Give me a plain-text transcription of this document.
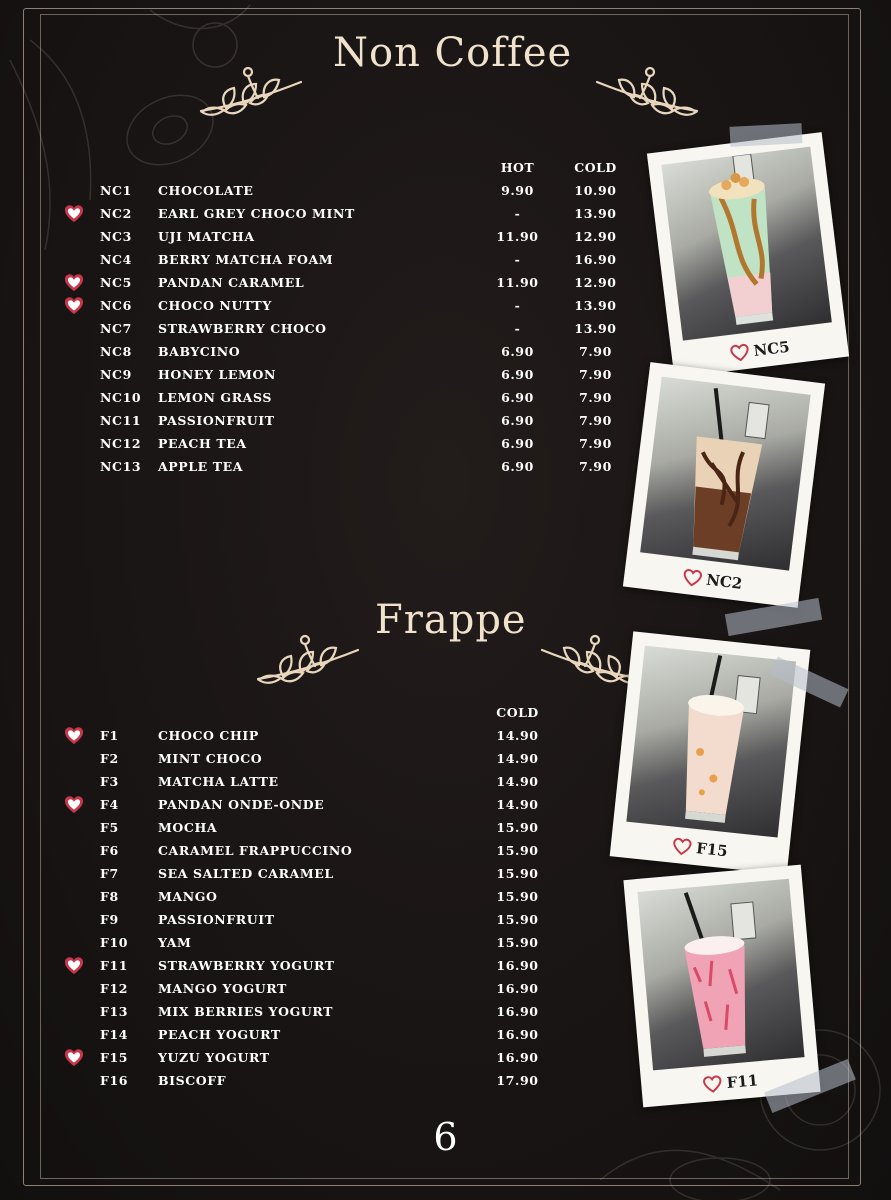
Non Coffee
HOT	COLD
NC1 CHOCOLATE	9.90	10.90
NC2 EARL GREY CHOCO MINT	-	13.90
NC3 UJI MATCHA	11.90	12.90
NC4 BERRY MATCHA FOAM	-	16.90
NC5 PANDAN CARAMEL	11.90	12.90
NC6 CHOCO NUTTY	-	13.90
NC7 STRAWBERRY CHOCO	-	13.90
NC8 BABYCINO	6.90	7.90
NC9 HONEY LEMON	6.90	7.90
NC10 LEMON GRASS	6.90	7.90
NC11 PASSIONFRUIT	6.90	7.90
NC12 PEACH TEA	6.90	7.90
NC13 APPLE TEA	6.90	7.90
Frappe
COLD
F1	CHOCO CHIP	14.90
F2	MINT CHOCO	14.90
F3	MATCHA LATTE	14.90
F4	PANDAN ONDE-ONDE	14.90
F5	MOCHA	15.90
F6	CARAMEL FRAPPUCCINO	15.90
F7	SEA SALTED CARAMEL	15.90
F8	MANGO	15.90
F9	PASSIONFRUIT	15.90
F10 YAM	15.90
F11 STRAWBERRY YOGURT	16.90
F12 MANGO YOGURT	16.90
F13 MIX BERRIES YOGURT	16.90
F14 PEACH YOGURT	16.90
F15 YUZU YOGURT	16.90
F16 BISCOFF	17.90
NC5
NC2
F15
F11
6
